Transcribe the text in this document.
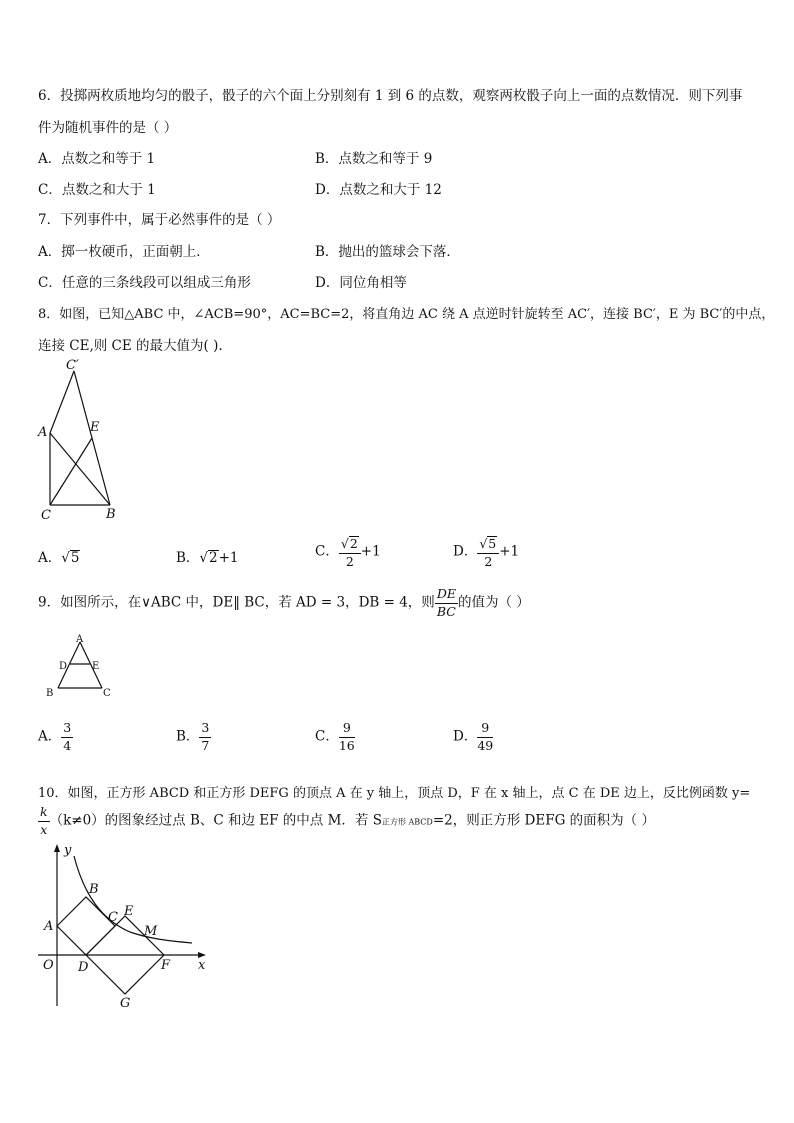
6．投掷两枚质地均匀的骰子，骰子的六个面上分别刻有 1 到 6 的点数，观察两枚骰子向上一面的点数情况．则下列事
件为随机事件的是（ ）
A．点数之和等于 1	B．点数之和等于 9
C．点数之和大于 1	D．点数之和大于 12
7．下列事件中，属于必然事件的是（ ）
A．掷一枚硬币，正面朝上．	B．抛出的篮球会下落．
C．任意的三条线段可以组成三角形	D．同位角相等
8．如图，已知△ABC 中，∠ACB=90°，AC=BC=2，将直角边 AC 绕 A 点逆时针旋转至 AC′，连接 BC′，E 为 BC′的中点，
连接 CE,则 CE 的最大值为( ).
C′
A	E
C	B
A．√5	B．√2+1	C． $\frac{√2}{2} +1$	D． $\frac{√5}{2} +1$
9．如图所示，在∨ABC 中，DE‖ BC，若 AD = 3，DB = 4，则 $\frac{DE}{BC}$ 的值为（ ）
A
D E
B	C
A． $\frac{3}{4}$	B． $\frac{3}{7}$	C． $\frac{9}{16}$	D． $\frac{9}{49}$
10．如图，正方形 ABCD 和正方形 DEFG 的顶点 A 在 y 轴上，顶点 D，F 在 x 轴上，点 C 在 DE 边上，反比例函数 y=
$\frac{k}{x} (k\ne 0)$的图象经过点 B、C 和边 EF 的中点 M．若 S正方形 ABCD=2，则正方形 DEFG 的面积为（ ）
y
x
O
A
B
C E
M
D	F
G
